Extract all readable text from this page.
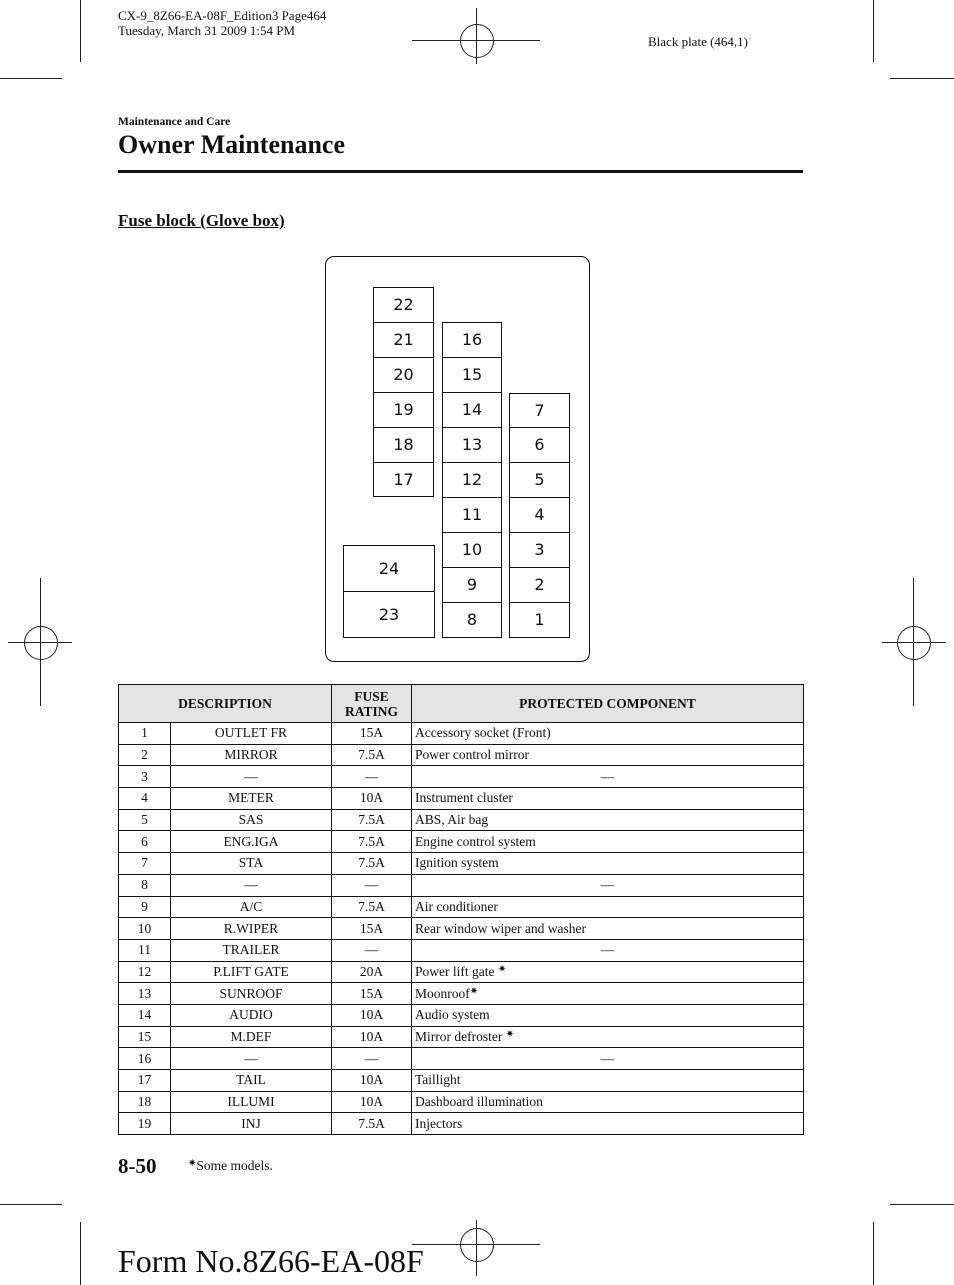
CX-9_8Z66-EA-08F_Edition3 Page464
Tuesday, March 31 2009 1:54 PM
Black plate (464,1)
Maintenance and Care
Owner Maintenance
Fuse block (Glove box)
22
21
20
19
18
17
16
15
14
13
12
11
10
9
8
7
6
5
4
3
2
1
24
23
DESCRIPTION		FUSE
RATING	PROTECTED COMPONENT
1	OUTLET FR	15A	Accessory socket (Front)
2	MIRROR	7.5A	Power control mirror
3	—	—	—
4	METER	10A	Instrument cluster
5	SAS	7.5A	ABS, Air bag
6	ENG.IGA	7.5A	Engine control system
7	STA	7.5A	Ignition system
8	—	—	—
9	A/C	7.5A	Air conditioner
10	R.WIPER	15A	Rear window wiper and washer
11	TRAILER	—	—
12	P.LIFT GATE	20A	Power lift gate ✷
13	SUNROOF	15A	Moonroof✷
14	AUDIO	10A	Audio system
15	M.DEF	10A	Mirror defroster ✷
16	—	—	—
17	TAIL	10A	Taillight
18	ILLUMI	10A	Dashboard illumination
19	INJ	7.5A	Injectors
8-50	✷Some models.
Form No.8Z66-EA-08F
